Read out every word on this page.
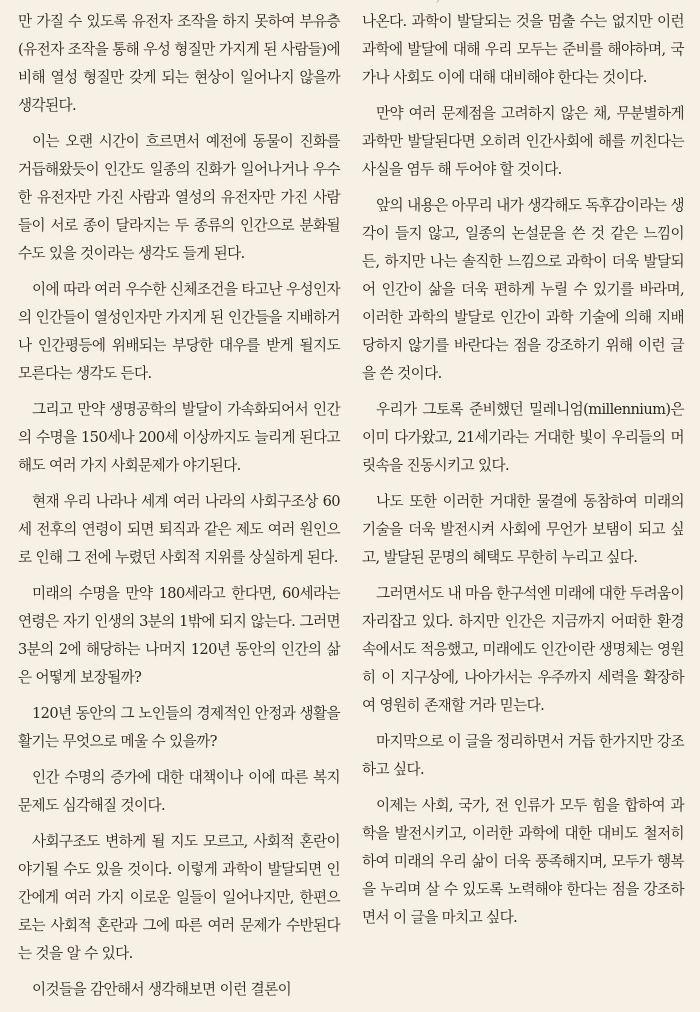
ᐟ

만 가질 수 있도록 유전자 조작을 하지 못하여 부유층(유전자 조작을 통해 우성 형질만 가지게 된 사람들)에 비해 열성 형질만 갖게 되는 현상이 일어나지 않을까 생각된다.

이는 오랜 시간이 흐르면서 예전에 동물이 진화를 거듭해왔듯이 인간도 일종의 진화가 일어나거나 우수한 유전자만 가진 사람과 열성의 유전자만 가진 사람들이 서로 종이 달라지는 두 종류의 인간으로 분화될 수도 있을 것이라는 생각도 들게 된다.

이에 따라 여러 우수한 신체조건을 타고난 우성인자의 인간들이 열성인자만 가지게 된 인간들을 지배하거나 인간평등에 위배되는 부당한 대우를 받게 될지도 모른다는 생각도 든다.

그리고 만약 생명공학의 발달이 가속화되어서 인간의 수명을 150세나 200세 이상까지도 늘리게 된다고 해도 여러 가지 사회문제가 야기된다.

현재 우리 나라나 세계 여러 나라의 사회구조상 60세 전후의 연령이 되면 퇴직과 같은 제도 여러 원인으로 인해 그 전에 누렸던 사회적 지위를 상실하게 된다.

미래의 수명을 만약 180세라고 한다면, 60세라는 연령은 자기 인생의 3분의 1밖에 되지 않는다. 그러면 3분의 2에 해당하는 나머지 120년 동안의 인간의 삶은 어떻게 보장될까?

120년 동안의 그 노인들의 경제적인 안정과 생활을 활기는 무엇으로 메울 수 있을까?

인간 수명의 증가에 대한 대책이나 이에 따른 복지문제도 심각해질 것이다.

사회구조도 변하게 될 지도 모르고, 사회적 혼란이 야기될 수도 있을 것이다. 이렇게 과학이 발달되면 인간에게 여러 가지 이로운 일들이 일어나지만, 한편으로는 사회적 혼란과 그에 따른 여러 문제가 수반된다는 것을 알 수 있다.

이것들을 감안해서 생각해보면 이런 결론이

나온다. 과학이 발달되는 것을 멈출 수는 없지만 이런 과학에 발달에 대해 우리 모두는 준비를 해야하며, 국가나 사회도 이에 대해 대비해야 한다는 것이다.

만약 여러 문제점을 고려하지 않은 채, 무분별하게 과학만 발달된다면 오히려 인간사회에 해를 끼친다는 사실을 염두 해 두어야 할 것이다.

앞의 내용은 아무리 내가 생각해도 독후감이라는 생각이 들지 않고, 일종의 논설문을 쓴 것 같은 느낌이 든, 하지만 나는 솔직한 느낌으로 과학이 더욱 발달되어 인간이 삶을 더욱 편하게 누릴 수 있기를 바라며, 이러한 과학의 발달로 인간이 과학 기술에 의해 지배당하지 않기를 바란다는 점을 강조하기 위해 이런 글을 쓴 것이다.

우리가 그토록 준비했던 밀레니엄(millennium)은 이미 다가왔고, 21세기라는 거대한 빛이 우리들의 머릿속을 진동시키고 있다.

나도 또한 이러한 거대한 물결에 동참하여 미래의 기술을 더욱 발전시켜 사회에 무언가 보탬이 되고 싶고, 발달된 문명의 혜택도 무한히 누리고 싶다.

그러면서도 내 마음 한구석엔 미래에 대한 두려움이 자리잡고 있다. 하지만 인간은 지금까지 어떠한 환경 속에서도 적응했고, 미래에도 인간이란 생명체는 영원히 이 지구상에, 나아가서는 우주까지 세력을 확장하여 영원히 존재할 거라 믿는다.

마지막으로 이 글을 정리하면서 거듭 한가지만 강조하고 싶다.

이제는 사회, 국가, 전 인류가 모두 힘을 합하여 과학을 발전시키고, 이러한 과학에 대한 대비도 철저히 하여 미래의 우리 삶이 더욱 풍족해지며, 모두가 행복을 누리며 살 수 있도록 노력해야 한다는 점을 강조하면서 이 글을 마치고 싶다.
